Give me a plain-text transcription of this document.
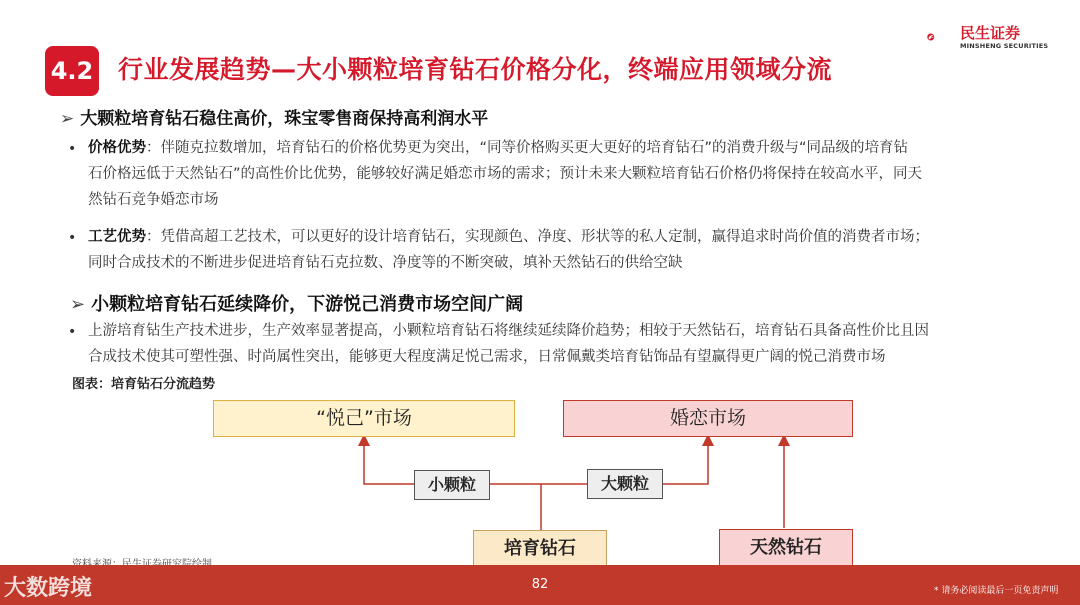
4.2 行业发展趋势—大小颗粒培育钻石价格分化，终端应用领域分流
民生证券
MINSHENG SECURITIES
➢ 大颗粒培育钻石稳住高价，珠宝零售商保持高利润水平
• 价格优势：伴随克拉数增加，培育钻石的价格优势更为突出，“同等价格购买更大更好的培育钻石”的消费升级与“同品级的培育钻
石价格远低于天然钻石”的高性价比优势，能够较好满足婚恋市场的需求；预计未来大颗粒培育钻石价格仍将保持在较高水平，同天
然钻石竞争婚恋市场
• 工艺优势：凭借高超工艺技术，可以更好的设计培育钻石，实现颜色、净度、形状等的私人定制，赢得追求时尚价值的消费者市场；
同时合成技术的不断进步促进培育钻石克拉数、净度等的不断突破，填补天然钻石的供给空缺
➢ 小颗粒培育钻石延续降价，下游悦己消费市场空间广阔
• 上游培育钻生产技术进步，生产效率显著提高，小颗粒培育钻石将继续延续降价趋势；相较于天然钻石，培育钻石具备高性价比且因
合成技术使其可塑性强、时尚属性突出，能够更大程度满足悦己需求，日常佩戴类培育钻饰品有望赢得更广阔的悦己消费市场
图表：培育钻石分流趋势
“悦己”市场	婚恋市场
小颗粒	大颗粒
培育钻石	天然钻石
大数跨境	82	* 请务必阅读最后一页免责声明
